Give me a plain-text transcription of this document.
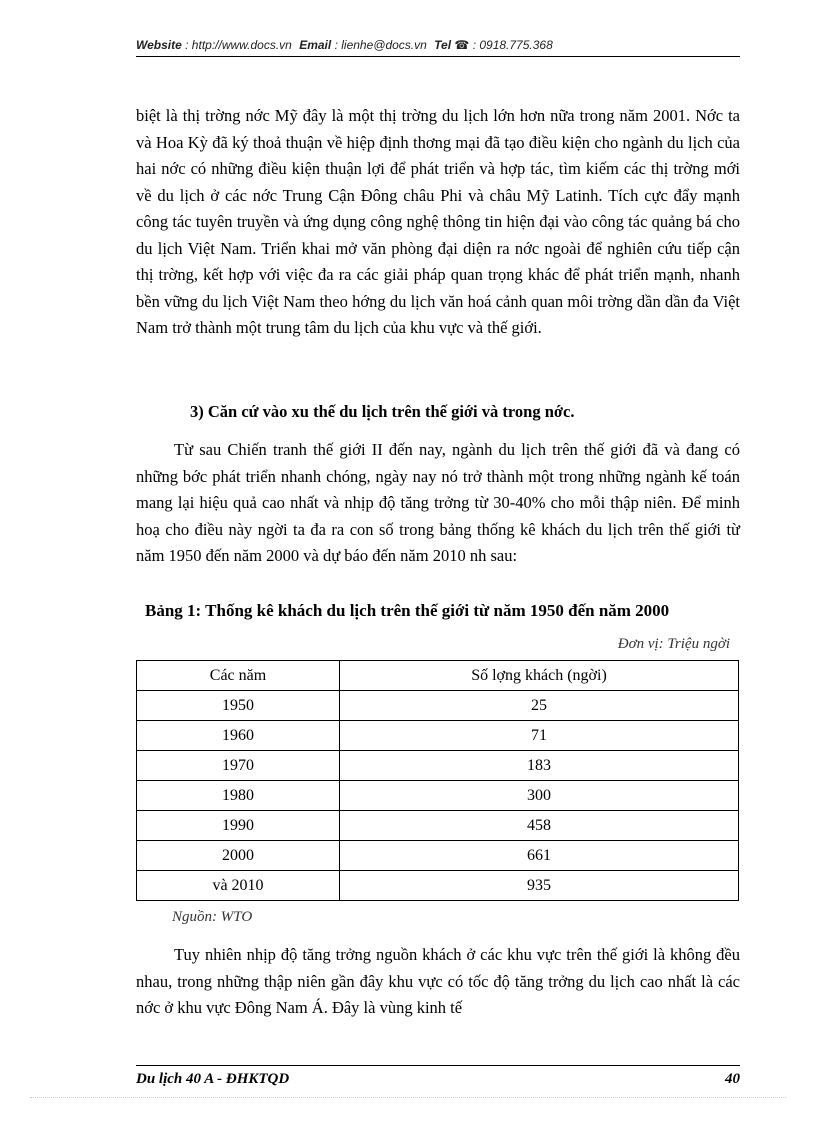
Website : http://www.docs.vn Email : lienhe@docs.vn Tel ☎ : 0918.775.368

biệt là thị trờng nớc Mỹ đây là một thị trờng du lịch lớn hơn nữa trong năm 2001. Nớc ta và Hoa Kỳ đã ký thoả thuận về hiệp định thơng mại đã tạo điều kiện cho ngành du lịch của hai nớc có những điều kiện thuận lợi để phát triển và hợp tác, tìm kiếm các thị trờng mới về du lịch ở các nớc Trung Cận Đông châu Phi và châu Mỹ Latinh. Tích cực đẩy mạnh công tác tuyên truyền và ứng dụng công nghệ thông tin hiện đại vào công tác quảng bá cho du lịch Việt Nam. Triển khai mở văn phòng đại diện ra nớc ngoài để nghiên cứu tiếp cận thị trờng, kết hợp với việc đa ra các giải pháp quan trọng khác để phát triển mạnh, nhanh bền vững du lịch Việt Nam theo hớng du lịch văn hoá cảnh quan môi trờng dần dần đa Việt Nam trở thành một trung tâm du lịch của khu vực và thế giới.

3) Căn cứ vào xu thế du lịch trên thế giới và trong nớc.

Từ sau Chiến tranh thế giới II đến nay, ngành du lịch trên thế giới đã và đang có những bớc phát triển nhanh chóng, ngày nay nó trở thành một trong những ngành kế toán mang lại hiệu quả cao nhất và nhịp độ tăng trởng từ 30-40% cho mỗi thập niên. Để minh hoạ cho điều này ngời ta đa ra con số trong bảng thống kê khách du lịch trên thế giới từ năm 1950 đến năm 2000 và dự báo đến năm 2010 nh sau:

Bảng 1: Thống kê khách du lịch trên thế giới từ năm 1950 đến năm 2000

Đơn vị: Triệu ngời
Các năm	Số lợng khách (ngời)
1950	25
1960	71
1970	183
1980	300
1990	458
2000	661
và 2010	935
Nguồn: WTO

Tuy nhiên nhịp độ tăng trởng nguồn khách ở các khu vực trên thế giới là không đều nhau, trong những thập niên gần đây khu vực có tốc độ tăng trởng du lịch cao nhất là các nớc ở khu vực Đông Nam Á. Đây là vùng kinh tế

Du lịch 40 A - ĐHKTQD	40
